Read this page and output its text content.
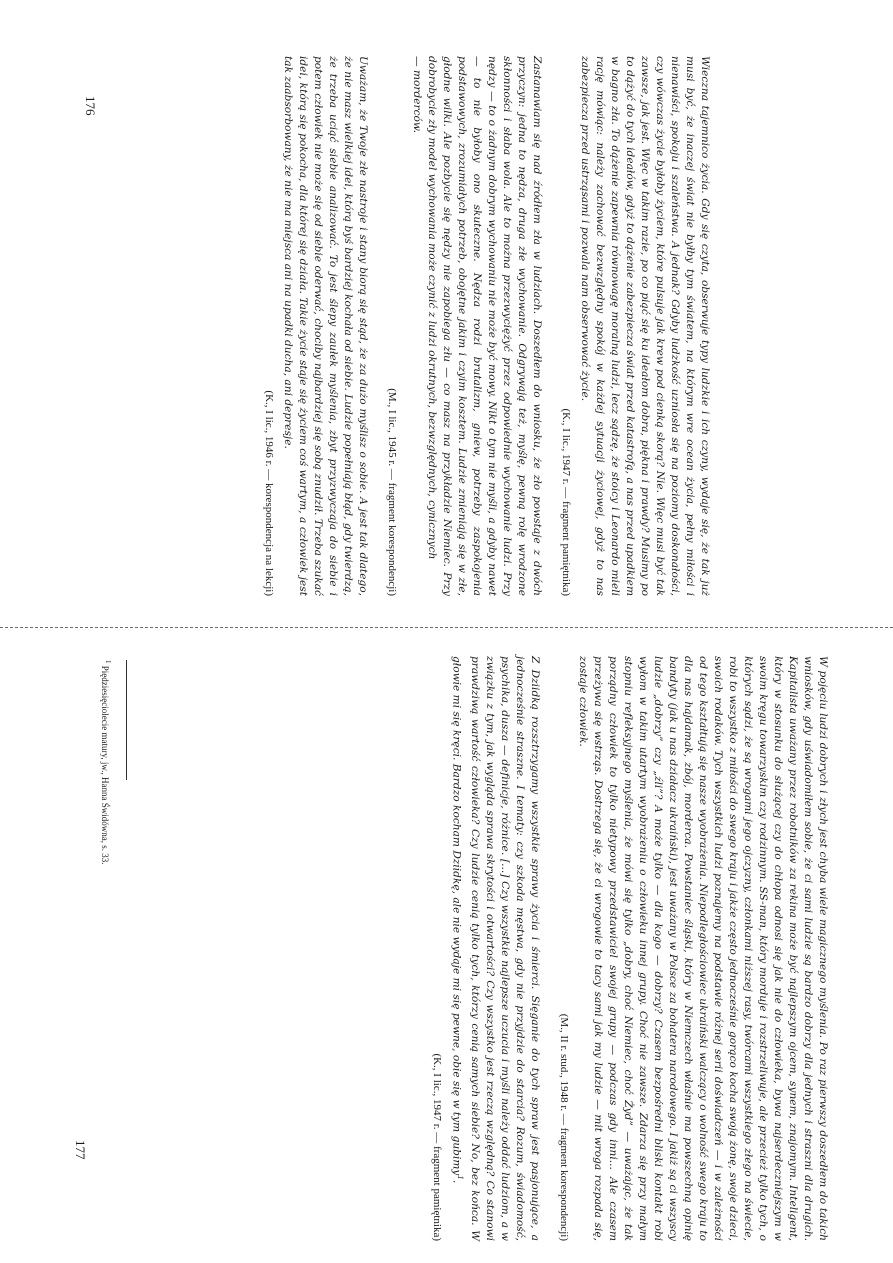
Wieczna tajemnico życia. Gdy się czyta, obserwuje typy ludzkie i ich czyny, wydaje się, że tak już musi być, że inaczej świat nie byłby tym światem, na którym wre ocean życia, pełny miłości i nienawiści, spokoju i szaleństwa. A jednak? Gdyby ludzkość uzniosła się na poziomy doskonałości, czy wówczas życie byłoby życiem, które pulsuje jak krew pod cienką skorą? Nie. Więc musi być tak zawsze, jak jest. Więc w takim razie, po co piąć się ku ideałom dobra, piękna i prawdy? Musimy po to dążyć do tych ideałów, gdyż to dążenie zabezpiecza świat przed katastrofą, a nas przed upadkiem w bagno zła. To dążenie zapewnia równowagę moralną ludzi, lecz sądzę, że stoicy i Leonardo mieli rację mówiąc: należy zachować bezwzględny spokój w każdej sytuacji życiowej, gdyż to nas zabezpiecza przed ustrząsami i pozwala nam obserwować życie.

(K., I lic., 1947 r. — fragment pamiętnika)

Zastanawiam się nad źródłem zła w ludziach. Doszedłem do wniosku, że zło powstaje z dwóch przyczyn: jedna to nędza, druga złe wychowanie. Odgrywają też, myślę, pewną rolę wrodzone skłonności i słaba wola. Ale to można przezwyciężyć przez odpowiednie wychowanie ludzi. Przy nędzy — to o żadnym dobrym wychowaniu nie może być mowy. Nikt o tym nie myśli, a gdyby nawet — to nie byłoby ono skuteczne. Nędza rodzi brutalizm, gniew, potrzeby zaspokojenia podstawowych, zrozumiałych potrzeb, obojętne jakim i czyim kosztem. Ludzie zmieniają się w złe, głodne wilki. Ale pozbycie się nędzy nie zapobiega złu — co masz na przykładzie Niemiec. Przy dobrobycie zły model wychowania może czynić z ludzi okrutnych, bezwzględnych, cynicznych

— morderców.

(M., I lic., 1945 r. — fragment korespondencji)

Uważam, że Twoje złe nastroje i stany biorą się stąd, że za dużo myślisz o sobie. A jest tak dlatego, że nie masz wielkiej idei, którą byś bardziej kochała od siebie. Ludzie popełniają błąd, gdy twierdzą, że trzeba uciąć siebie analizować. To jest ślepy zaułek myślenia, zbyt przyzwyczaja do siebie i potem człowiek nie może się od siebie oderwać, chociby najbardziej się sobą znudził. Trzeba szukać idei, którą się pokocha, dla której się działa. Takie życie staje się życiem coś wartym, a człowiek jest tak zaabsorbowany, że nie ma miejsca ani na upadki ducha, ani depresje.

(K., I lic., 1946 r. — korespondencja na lekcji)

176

W pojęciu ludzi dobrych i złych jest chyba wiele magicznego myślenia. Po raz pierwszy doszedłem do takich wniosków, gdy uświadomiłem sobie, że ci sami ludzie są bardzo dobrzy dla jednych i straszni dla drugich. Kapitalista uważany przez robotników za rekina może być najlepszym ojcem, synem, znajomym. Inteligent, który w stosunku do służącej czy do chłopa odnosi się jak nie do człowieka, bywa najserdeczniejszym w swoim kręgu towarzyskim czy rodzinnym. SS-man, który morduje i rozstrzeliwuje, ale przecież tylko tych, o których sądzi, że są wrogami jego ojczyzny, członkami niższej rasy, twórcami wszystkiego złego na świecie, robi to wszystko z miłości do swego kraju i jakże często jednocześnie gorąco kocha swoją żonę, swoje dzieci, swoich rodaków. Tych wszystkich ludzi poznajemy na podstawie różnej serii doświadczeń — i w zależności od tego kształtują się nasze wyobrażenia. Niepodległościowiec ukraiński walczący o wolność swego kraju to dla nas hajdamak, zbój, morderca. Powstaniec śląski, który w Niemczech właśnie ma powszechną opinię bandyty (jak u nas działacz ukraiński), jest uważany w Polsce za bohatera narodowego. I jakiż są ci wszyscy ludzie „dobrzy” czy „źli”? A może tylko — dla kogo — dobrzy? Czasem bezpośredni bliski kontakt robi wyłom w takim utartym wyobrażeniu o człowieku innej grupy. Choć nie zawsze. Zdarza się przy małym stopniu refleksyjnego myślenia, że mówi się tylko „dobry, choć Niemiec, choć Żyd” — uważając, że tak porządny człowiek to tylko nietypowy przedstawiciel swojej grupy — podczas gdy inni... Ale czasem przeżywa się wstrząs. Dostrzega się, że ci wrogowie to tacy sami jak my ludzie — mit wroga rozpada się, zostaje człowiek.

(M., II r. stud., 1948 r. — fragment korespondencji)

Z Dziidką rozsztrzygamy wszystkie sprawy życia i śmierci. Sięganie do tych spraw jest pasjonujące, a jednocześnie straszne. I tematy: czy szkoda męstwa, gdy nie przyjdzie do starcia? Rozum, świadomość, psychika, dusza — definicje, różnice. [...] Czy wszystkie najlepsze uczucia i myśli należy oddać ludziom, a w związku z tym, jak wygląda sprawa skrytości i otwartości? Czy wszystko jest rzeczą względną? Co stanowi prawdziwą wartość człowieka? Czy ludzie cenią tylko tych, którzy cenią samych siebie? No, bez końca. W głowie mi się kręci. Bardzo kocham Dziidkę, ale nie wydaje mi się pewne, obie się w tym gubimy$^1$.

(K., I lic., 1947 r. — fragment pamiętnika)

$^1$ Piędziesięciolecie matury, jw., Hanna Świdówna, s. 33.
177
